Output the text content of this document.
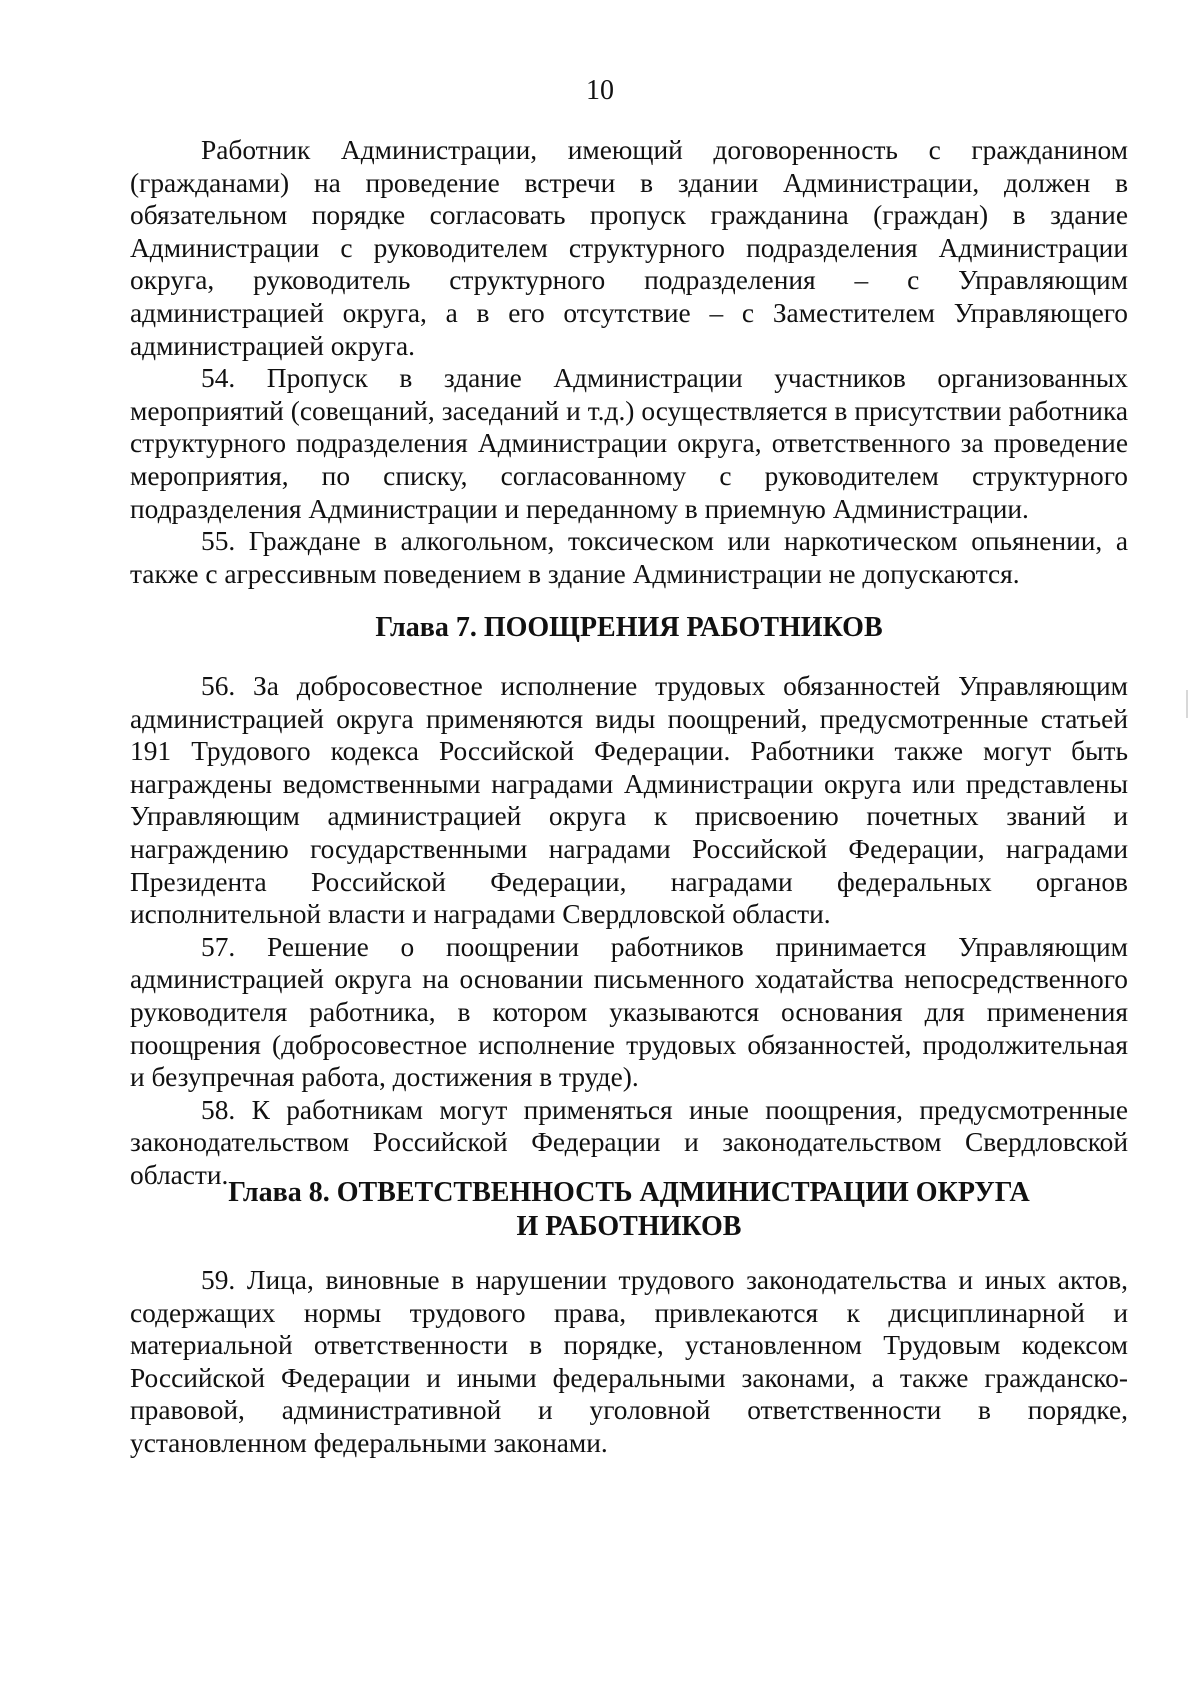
10

Работник Администрации, имеющий договоренность с гражданином (гражданами) на проведение встречи в здании Администрации, должен в обязательном порядке согласовать пропуск гражданина (граждан) в здание Администрации с руководителем структурного подразделения Администрации округа, руководитель структурного подразделения – с Управляющим администрацией округа, а в его отсутствие – с Заместителем Управляющего администрацией округа.

54. Пропуск в здание Администрации участников организованных мероприятий (совещаний, заседаний и т.д.) осуществляется в присутствии работника структурного подразделения Администрации округа, ответственного за проведение мероприятия, по списку, согласованному с руководителем структурного подразделения Администрации и переданному в приемную Администрации.

55. Граждане в алкогольном, токсическом или наркотическом опьянении, а также с агрессивным поведением в здание Администрации не допускаются.

Глава 7. ПООЩРЕНИЯ РАБОТНИКОВ

56. За добросовестное исполнение трудовых обязанностей Управляющим администрацией округа применяются виды поощрений, предусмотренные статьей 191 Трудового кодекса Российской Федерации. Работники также могут быть награждены ведомственными наградами Администрации округа или представлены Управляющим администрацией округа к присвоению почетных званий и награждению государственными наградами Российской Федерации, наградами Президента Российской Федерации, наградами федеральных органов исполнительной власти и наградами Свердловской области.

57. Решение о поощрении работников принимается Управляющим администрацией округа на основании письменного ходатайства непосредственного руководителя работника, в котором указываются основания для применения поощрения (добросовестное исполнение трудовых обязанностей, продолжительная и безупречная работа, достижения в труде).

58. К работникам могут применяться иные поощрения, предусмотренные законодательством Российской Федерации и законодательством Свердловской области.

Глава 8. ОТВЕТСТВЕННОСТЬ АДМИНИСТРАЦИИ ОКРУГА
И РАБОТНИКОВ

59. Лица, виновные в нарушении трудового законодательства и иных актов, содержащих нормы трудового права, привлекаются к дисциплинарной и материальной ответственности в порядке, установленном Трудовым кодексом Российской Федерации и иными федеральными законами, а также гражданско-правовой, административной и уголовной ответственности в порядке, установленном федеральными законами.
